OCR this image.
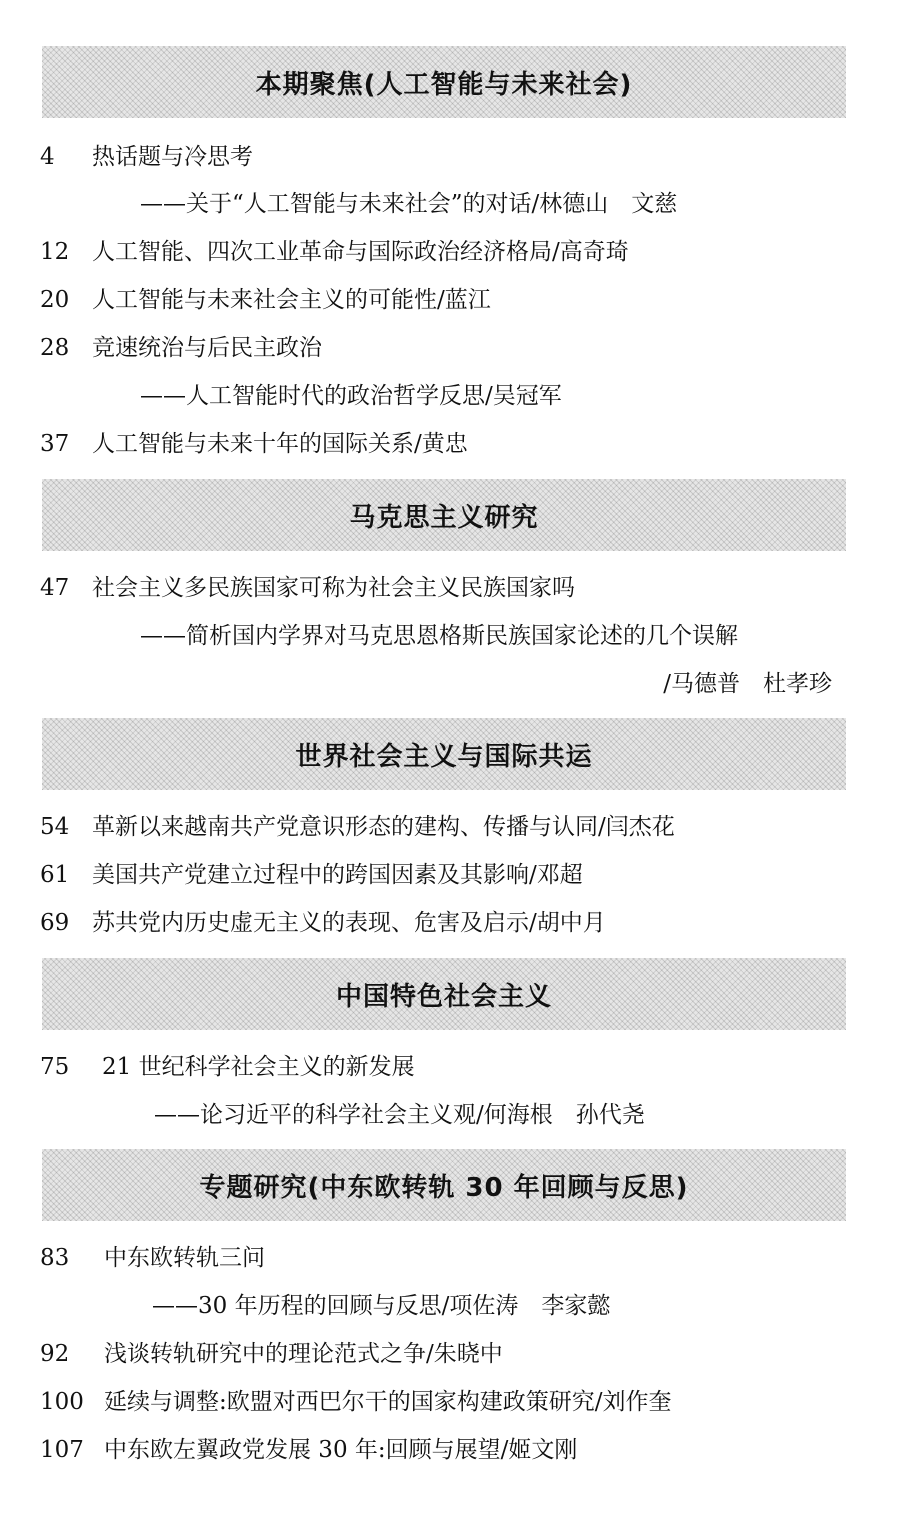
本期聚焦(人工智能与未来社会)
4	热话题与冷思考
——关于“人工智能与未来社会”的对话/林德山　文慈
12 人工智能、四次工业革命与国际政治经济格局/高奇琦
20 人工智能与未来社会主义的可能性/蓝江
28 竞速统治与后民主政治
——人工智能时代的政治哲学反思/吴冠军
37 人工智能与未来十年的国际关系/黄忠
马克思主义研究
47 社会主义多民族国家可称为社会主义民族国家吗
——简析国内学界对马克思恩格斯民族国家论述的几个误解
/马德普　杜孝珍
世界社会主义与国际共运
54 革新以来越南共产党意识形态的建构、传播与认同/闫杰花
61 美国共产党建立过程中的跨国因素及其影响/邓超
69 苏共党内历史虚无主义的表现、危害及启示/胡中月
中国特色社会主义
75	21 世纪科学社会主义的新发展
——论习近平的科学社会主义观/何海根　孙代尧
专题研究(中东欧转轨 30 年回顾与反思)
83	中东欧转轨三问
——30 年历程的回顾与反思/项佐涛　李家懿
92	浅谈转轨研究中的理论范式之争/朱晓中
100 延续与调整:欧盟对西巴尔干的国家构建政策研究/刘作奎
107 中东欧左翼政党发展 30 年:回顾与展望/姬文刚
